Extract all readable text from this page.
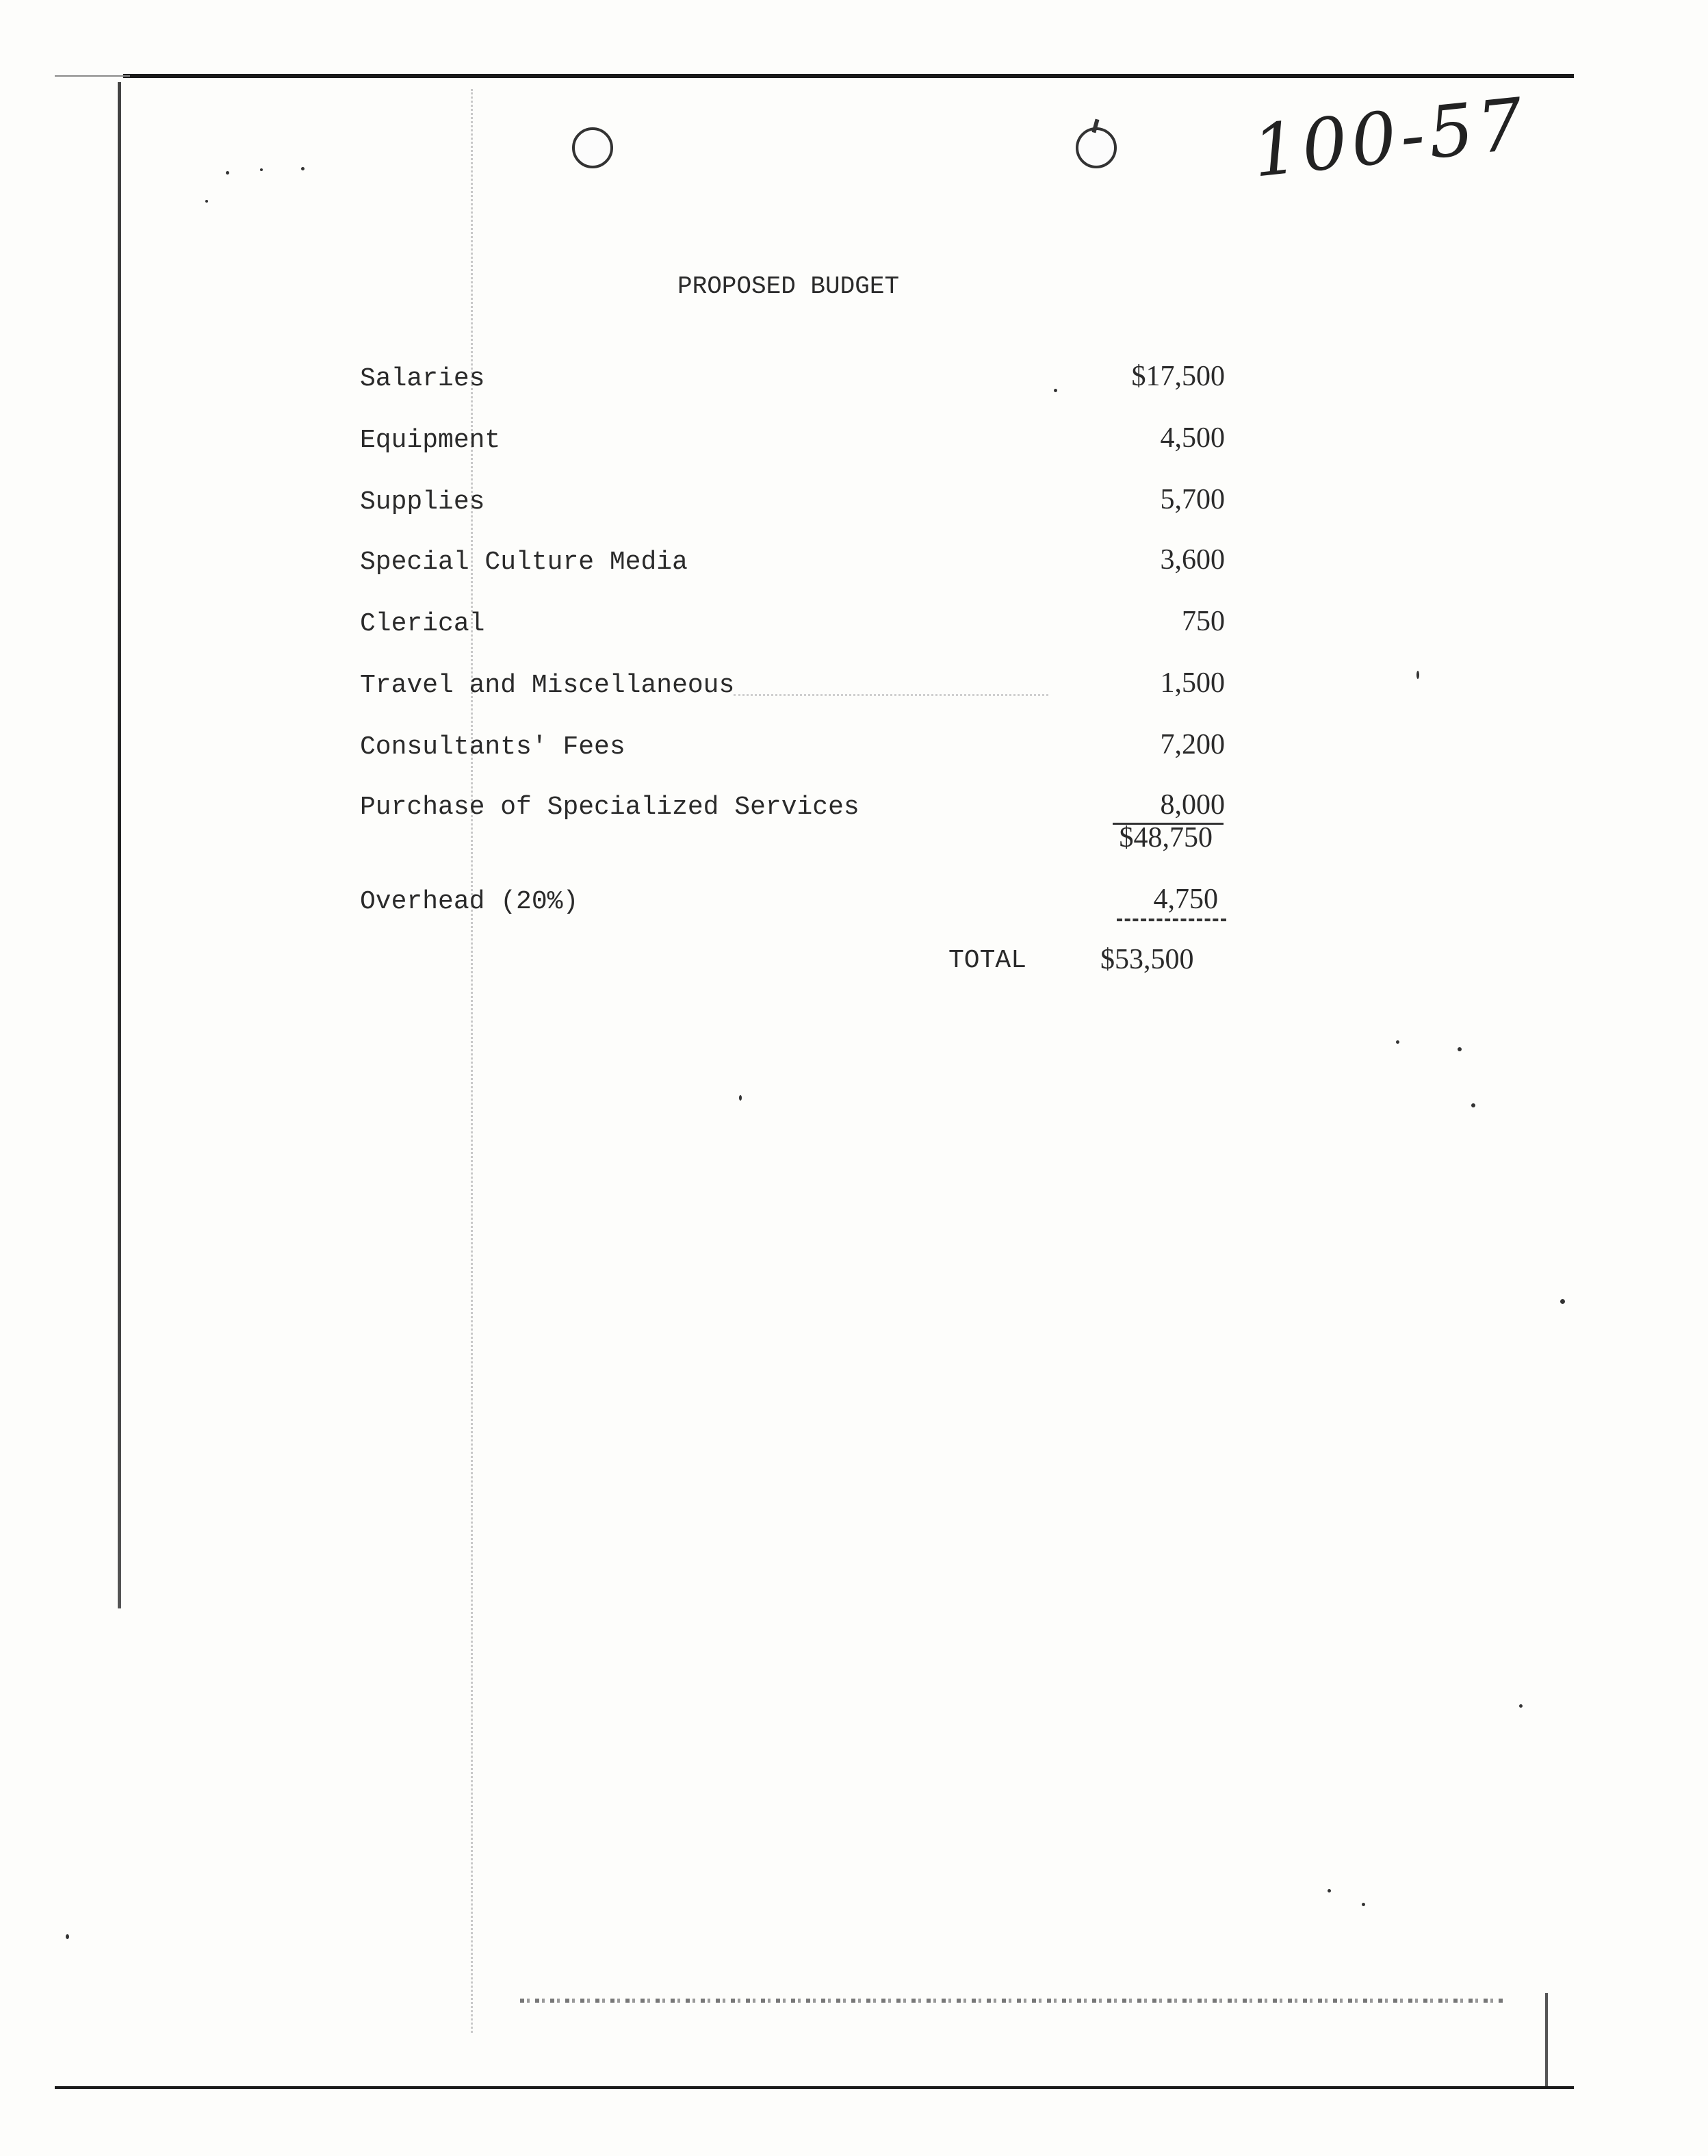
100-57
PROPOSED BUDGET
Salaries	$17,500
Equipment	4,500
Supplies	5,700
Special Culture Media	3,600
Clerical	750
Travel and Miscellaneous	1,500
Consultants' Fees	7,200
Purchase of Specialized Services	8,000
$48,750
Overhead (20%)	4,750
TOTAL	$53,500
